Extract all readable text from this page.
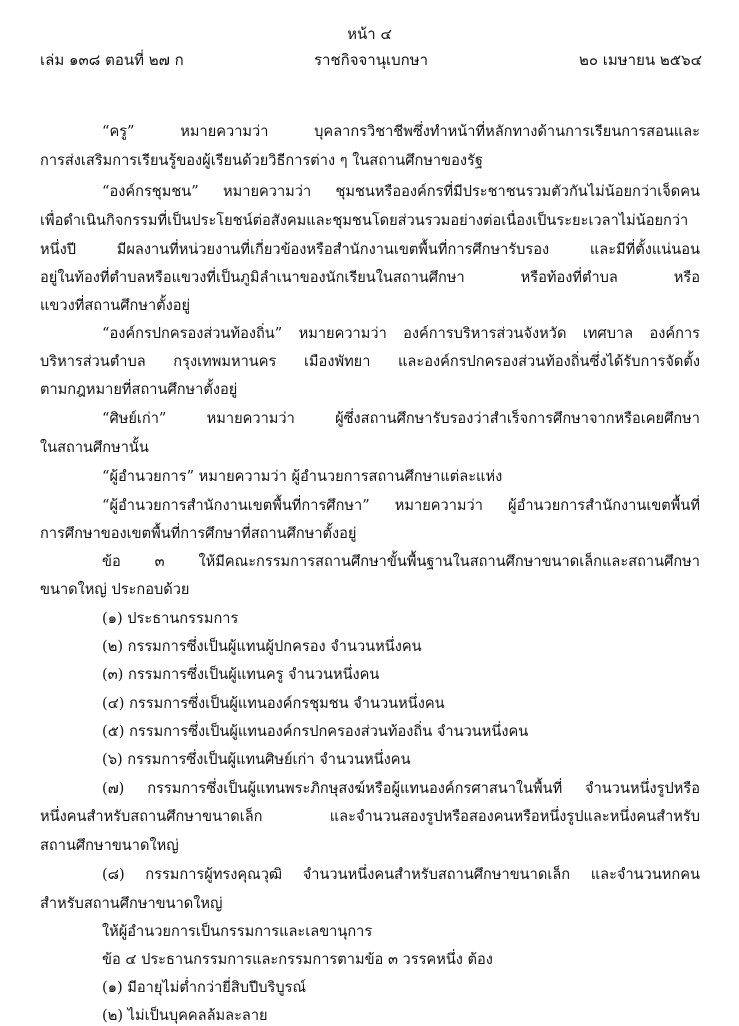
หน้า ๔
เล่ม ๑๓๘ ตอนที่ ๒๗ ก	ราชกิจจานุเบกษา	๒๐ เมษายน ๒๕๖๔
“ครู” หมายความว่า บุคลากรวิชาชีพซึ่งทำหน้าที่หลักทางด้านการเรียนการสอนและ
การส่งเสริมการเรียนรู้ของผู้เรียนด้วยวิธีการต่าง ๆ ในสถานศึกษาของรัฐ
“องค์กรชุมชน” หมายความว่า ชุมชนหรือองค์กรที่มีประชาชนรวมตัวกันไม่น้อยกว่าเจ็ดคน
เพื่อดำเนินกิจกรรมที่เป็นประโยชน์ต่อสังคมและชุมชนโดยส่วนรวมอย่างต่อเนื่องเป็นระยะเวลาไม่น้อยกว่า
หนึ่งปี มีผลงานที่หน่วยงานที่เกี่ยวข้องหรือสำนักงานเขตพื้นที่การศึกษารับรอง และมีที่ตั้งแน่นอน
อยู่ในท้องที่ตำบลหรือแขวงที่เป็นภูมิลำเนาของนักเรียนในสถานศึกษา หรือท้องที่ตำบล หรือ
แขวงที่สถานศึกษาตั้งอยู่
“องค์กรปกครองส่วนท้องถิ่น” หมายความว่า องค์การบริหารส่วนจังหวัด เทศบาล องค์การ
บริหารส่วนตำบล กรุงเทพมหานคร เมืองพัทยา และองค์กรปกครองส่วนท้องถิ่นซึ่งได้รับการจัดตั้ง
ตามกฎหมายที่สถานศึกษาตั้งอยู่
“ศิษย์เก่า” หมายความว่า ผู้ซึ่งสถานศึกษารับรองว่าสำเร็จการศึกษาจากหรือเคยศึกษา
ในสถานศึกษานั้น
“ผู้อำนวยการ” หมายความว่า ผู้อำนวยการสถานศึกษาแต่ละแห่ง
“ผู้อำนวยการสำนักงานเขตพื้นที่การศึกษา” หมายความว่า ผู้อำนวยการสำนักงานเขตพื้นที่
การศึกษาของเขตพื้นที่การศึกษาที่สถานศึกษาตั้งอยู่
ข้อ ๓ ให้มีคณะกรรมการสถานศึกษาขั้นพื้นฐานในสถานศึกษาขนาดเล็กและสถานศึกษา
ขนาดใหญ่ ประกอบด้วย
(๑) ประธานกรรมการ
(๒) กรรมการซึ่งเป็นผู้แทนผู้ปกครอง จำนวนหนึ่งคน
(๓) กรรมการซึ่งเป็นผู้แทนครู จำนวนหนึ่งคน
(๔) กรรมการซึ่งเป็นผู้แทนองค์กรชุมชน จำนวนหนึ่งคน
(๕) กรรมการซึ่งเป็นผู้แทนองค์กรปกครองส่วนท้องถิ่น จำนวนหนึ่งคน
(๖) กรรมการซึ่งเป็นผู้แทนศิษย์เก่า จำนวนหนึ่งคน
(๗) กรรมการซึ่งเป็นผู้แทนพระภิกษุสงฆ์หรือผู้แทนองค์กรศาสนาในพื้นที่ จำนวนหนึ่งรูปหรือ
หนึ่งคนสำหรับสถานศึกษาขนาดเล็ก และจำนวนสองรูปหรือสองคนหรือหนึ่งรูปและหนึ่งคนสำหรับ
สถานศึกษาขนาดใหญ่
(๘) กรรมการผู้ทรงคุณวุฒิ จำนวนหนึ่งคนสำหรับสถานศึกษาขนาดเล็ก และจำนวนหกคน
สำหรับสถานศึกษาขนาดใหญ่
ให้ผู้อำนวยการเป็นกรรมการและเลขานุการ
ข้อ ๔ ประธานกรรมการและกรรมการตามข้อ ๓ วรรคหนึ่ง ต้อง
(๑) มีอายุไม่ต่ำกว่ายี่สิบปีบริบูรณ์
(๒) ไม่เป็นบุคคลล้มละลาย
